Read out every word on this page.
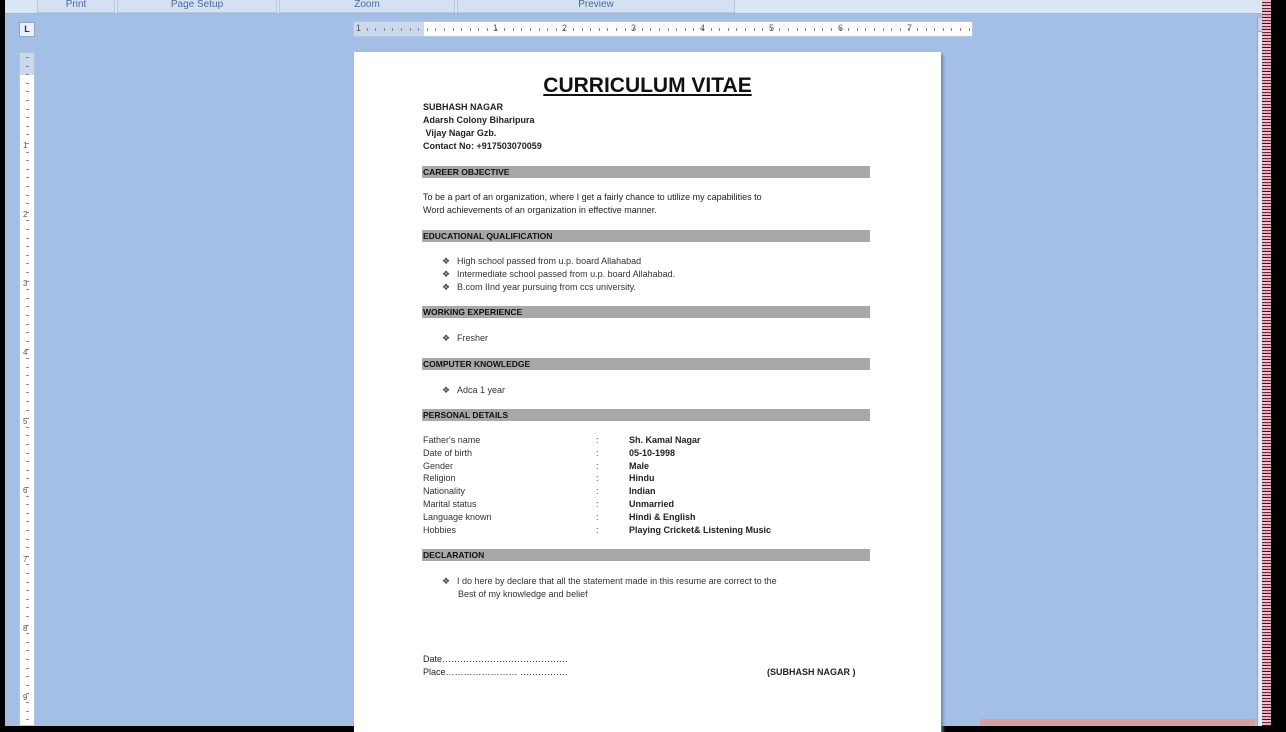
Print	Page Setup	Zoom	Preview
L	1	1	2	3	4	5	6	7
1
2
3
4
5
6
7
8
9
CURRICULUM VITAE
SUBHASH NAGAR
Adarsh Colony Biharipura
Vijay Nagar Gzb.
Contact No: +917503070059
CAREER OBJECTIVE
To be a part of an organization, where I get a fairly chance to utilize my capabilities to
Word achievements of an organization in effective manner.
EDUCATIONAL QUALIFICATION
❖ High school passed from u.p. board Allahabad
❖ Intermediate school passed from u.p. board Allahabad.
❖ B.com IInd year pursuing from ccs university.
WORKING EXPERIENCE
❖ Fresher
COMPUTER KNOWLEDGE
❖ Adca 1 year
PERSONAL DETAILS
DECLARATION
❖ I do here by declare that all the statement made in this resume are correct to the
Best of my knowledge and belief
Date……………………………………
Place…………………… …………….	(SUBHASH NAGAR )
Father's name	:	Sh. Kamal Nagar
Date of birth	:	05-10-1998
Gender	:	Male
Religion	:	Hindu
Nationality	:	Indian
Marital status	:	Unmarried
Language known	:	Hindi & English
Hobbies	:	Playing Cricket& Listening Music
